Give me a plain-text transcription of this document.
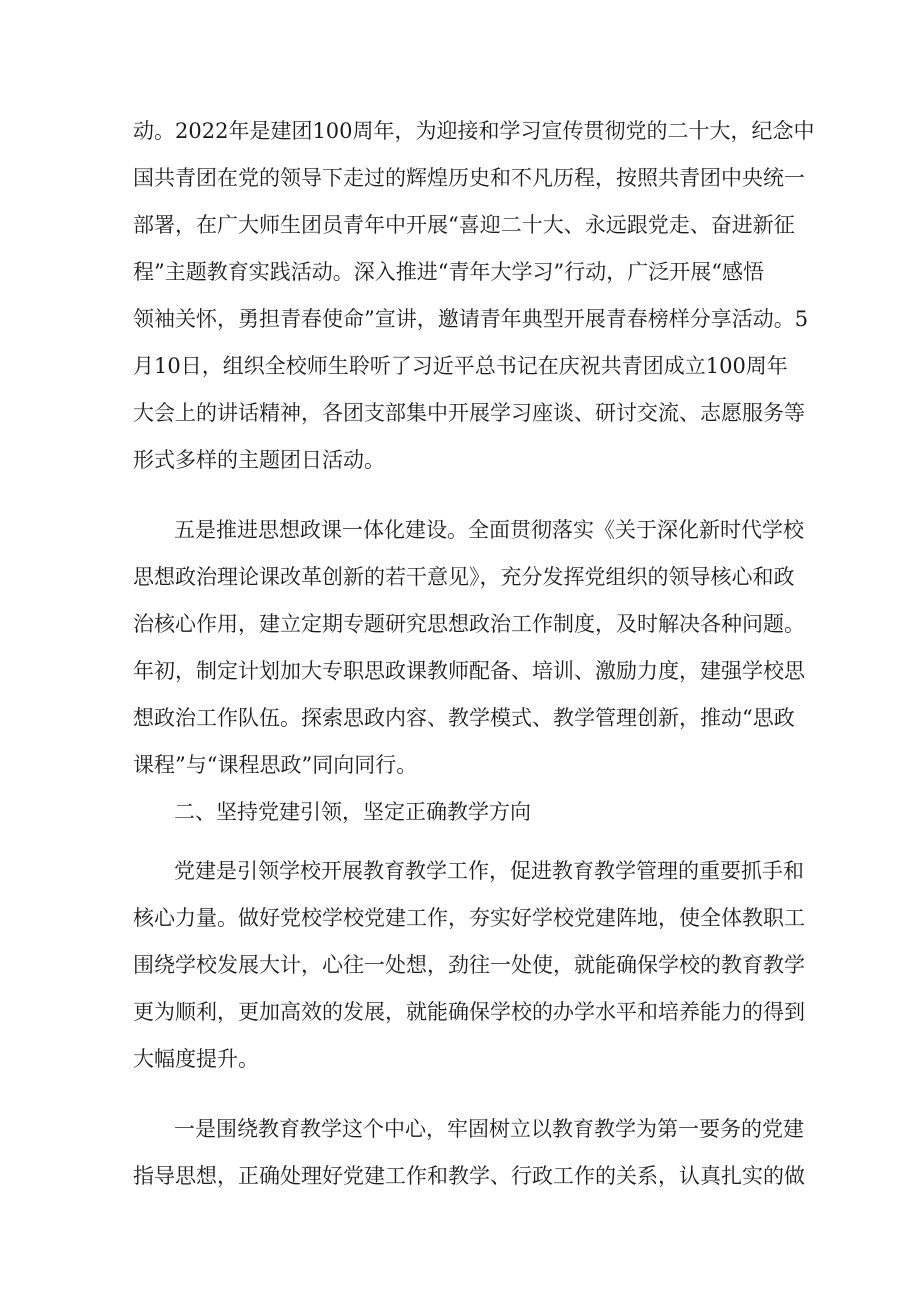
动。2022年是建团100周年，为迎接和学习宣传贯彻党的二十大，纪念中
国共青团在党的领导下走过的辉煌历史和不凡历程，按照共青团中央统一
部署，在广大师生团员青年中开展“喜迎二十大、永远跟党走、奋进新征
程”主题教育实践活动。深入推进“青年大学习”行动，广泛开展“感悟
领袖关怀，勇担青春使命”宣讲，邀请青年典型开展青春榜样分享活动。5
月10日，组织全校师生聆听了习近平总书记在庆祝共青团成立100周年
大会上的讲话精神，各团支部集中开展学习座谈、研讨交流、志愿服务等
形式多样的主题团日活动。
五是推进思想政课一体化建设。全面贯彻落实《关于深化新时代学校
思想政治理论课改革创新的若干意见》，充分发挥党组织的领导核心和政
治核心作用，建立定期专题研究思想政治工作制度，及时解决各种问题。
年初，制定计划加大专职思政课教师配备、培训、激励力度，建强学校思
想政治工作队伍。探索思政内容、教学模式、教学管理创新，推动“思政
课程”与“课程思政”同向同行。
二、坚持党建引领，坚定正确教学方向
党建是引领学校开展教育教学工作，促进教育教学管理的重要抓手和
核心力量。做好党校学校党建工作，夯实好学校党建阵地，使全体教职工
围绕学校发展大计，心往一处想，劲往一处使，就能确保学校的教育教学
更为顺利，更加高效的发展，就能确保学校的办学水平和培养能力的得到
大幅度提升。
一是围绕教育教学这个中心，牢固树立以教育教学为第一要务的党建
指导思想，正确处理好党建工作和教学、行政工作的关系，认真扎实的做
